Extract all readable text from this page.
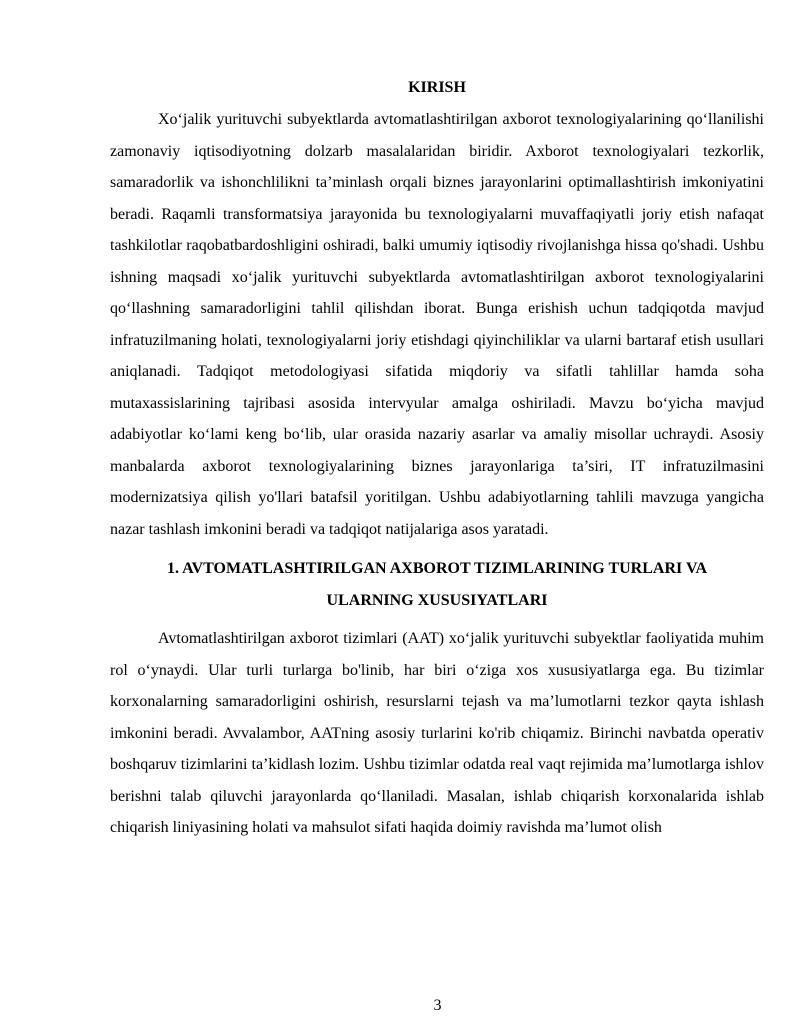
KIRISH

Xo‘jalik yurituvchi subyektlarda avtomatlashtirilgan axborot texnologiyalarining qo‘llanilishi zamonaviy iqtisodiyotning dolzarb masalalaridan biridir. Axborot texnologiyalari tezkorlik, samaradorlik va ishonchlilikni ta’minlash orqali biznes jarayonlarini optimallashtirish imkoniyatini beradi. Raqamli transformatsiya jarayonida bu texnologiyalarni muvaffaqiyatli joriy etish nafaqat tashkilotlar raqobatbardoshligini oshiradi, balki umumiy iqtisodiy rivojlanishga hissa qo'shadi. Ushbu ishning maqsadi xo‘jalik yurituvchi subyektlarda avtomatlashtirilgan axborot texnologiyalarini qo‘llashning samaradorligini tahlil qilishdan iborat. Bunga erishish uchun tadqiqotda mavjud infratuzilmaning holati, texnologiyalarni joriy etishdagi qiyinchiliklar va ularni bartaraf etish usullari aniqlanadi. Tadqiqot metodologiyasi sifatida miqdoriy va sifatli tahlillar hamda soha mutaxassislarining tajribasi asosida intervyular amalga oshiriladi. Mavzu bo‘yicha mavjud adabiyotlar ko‘lami keng bo‘lib, ular orasida nazariy asarlar va amaliy misollar uchraydi. Asosiy manbalarda axborot texnologiyalarining biznes jarayonlariga ta’siri, IT infratuzilmasini modernizatsiya qilish yo'llari batafsil yoritilgan. Ushbu adabiyotlarning tahlili mavzuga yangicha nazar tashlash imkonini beradi va tadqiqot natijalariga asos yaratadi.

1. AVTOMATLASHTIRILGAN AXBOROT TIZIMLARINING TURLARI VA
ULARNING XUSUSIYATLARI

Avtomatlashtirilgan axborot tizimlari (AAT) xo‘jalik yurituvchi subyektlar faoliyatida muhim rol o‘ynaydi. Ular turli turlarga bo'linib, har biri o‘ziga xos xususiyatlarga ega. Bu tizimlar korxonalarning samaradorligini oshirish, resurslarni tejash va ma’lumotlarni tezkor qayta ishlash imkonini beradi. Avvalambor, AATning asosiy turlarini ko'rib chiqamiz. Birinchi navbatda operativ boshqaruv tizimlarini ta’kidlash lozim. Ushbu tizimlar odatda real vaqt rejimida ma’lumotlarga ishlov berishni talab qiluvchi jarayonlarda qo‘llaniladi. Masalan, ishlab chiqarish korxonalarida ishlab chiqarish liniyasining holati va mahsulot sifati haqida doimiy ravishda ma’lumot olish

3
